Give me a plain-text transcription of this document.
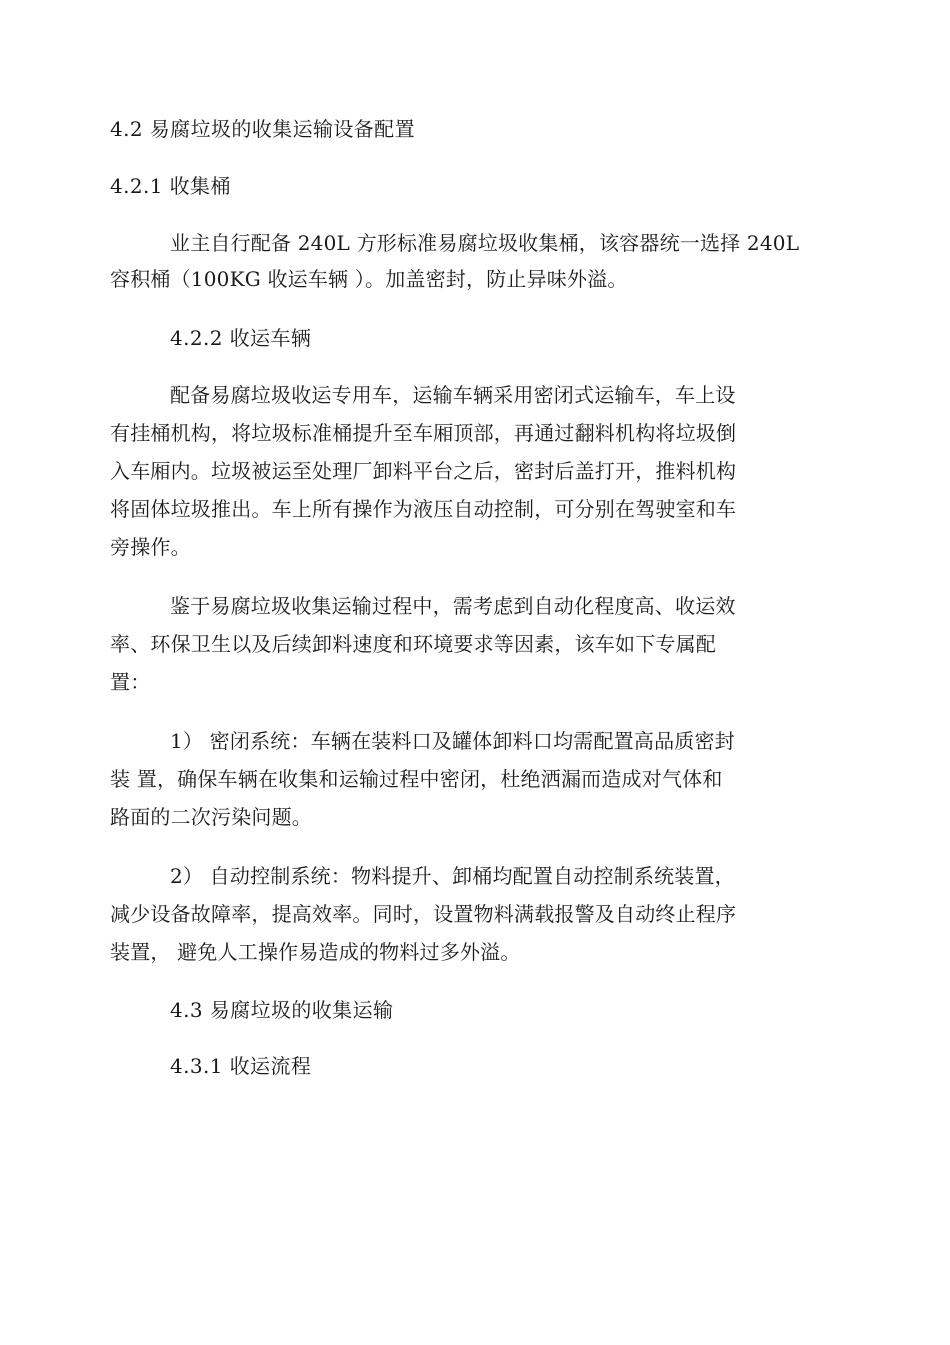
4.2 易腐垃圾的收集运输设备配置
4.2.1 收集桶
业主自行配备 240L 方形标准易腐垃圾收集桶，该容器统一选择 240L
容积桶（100KG 收运车辆 ）。加盖密封，防止异味外溢。
4.2.2 收运车辆
配备易腐垃圾收运专用车，运输车辆采用密闭式运输车，车上设
有挂桶机构，将垃圾标准桶提升至车厢顶部，再通过翻料机构将垃圾倒
入车厢内。垃圾被运至处理厂卸料平台之后，密封后盖打开，推料机构
将固体垃圾推出。车上所有操作为液压自动控制，可分别在驾驶室和车
旁操作。
鉴于易腐垃圾收集运输过程中，需考虑到自动化程度高、收运效
率、环保卫生以及后续卸料速度和环境要求等因素，该车如下专属配
置：
1） 密闭系统：车辆在装料口及罐体卸料口均需配置高品质密封
装 置，确保车辆在收集和运输过程中密闭，杜绝洒漏而造成对气体和
路面的二次污染问题。
2） 自动控制系统：物料提升、卸桶均配置自动控制系统装置，
减少设备故障率，提高效率。同时，设置物料满载报警及自动终止程序
装置， 避免人工操作易造成的物料过多外溢。
4.3 易腐垃圾的收集运输
4.3.1 收运流程
